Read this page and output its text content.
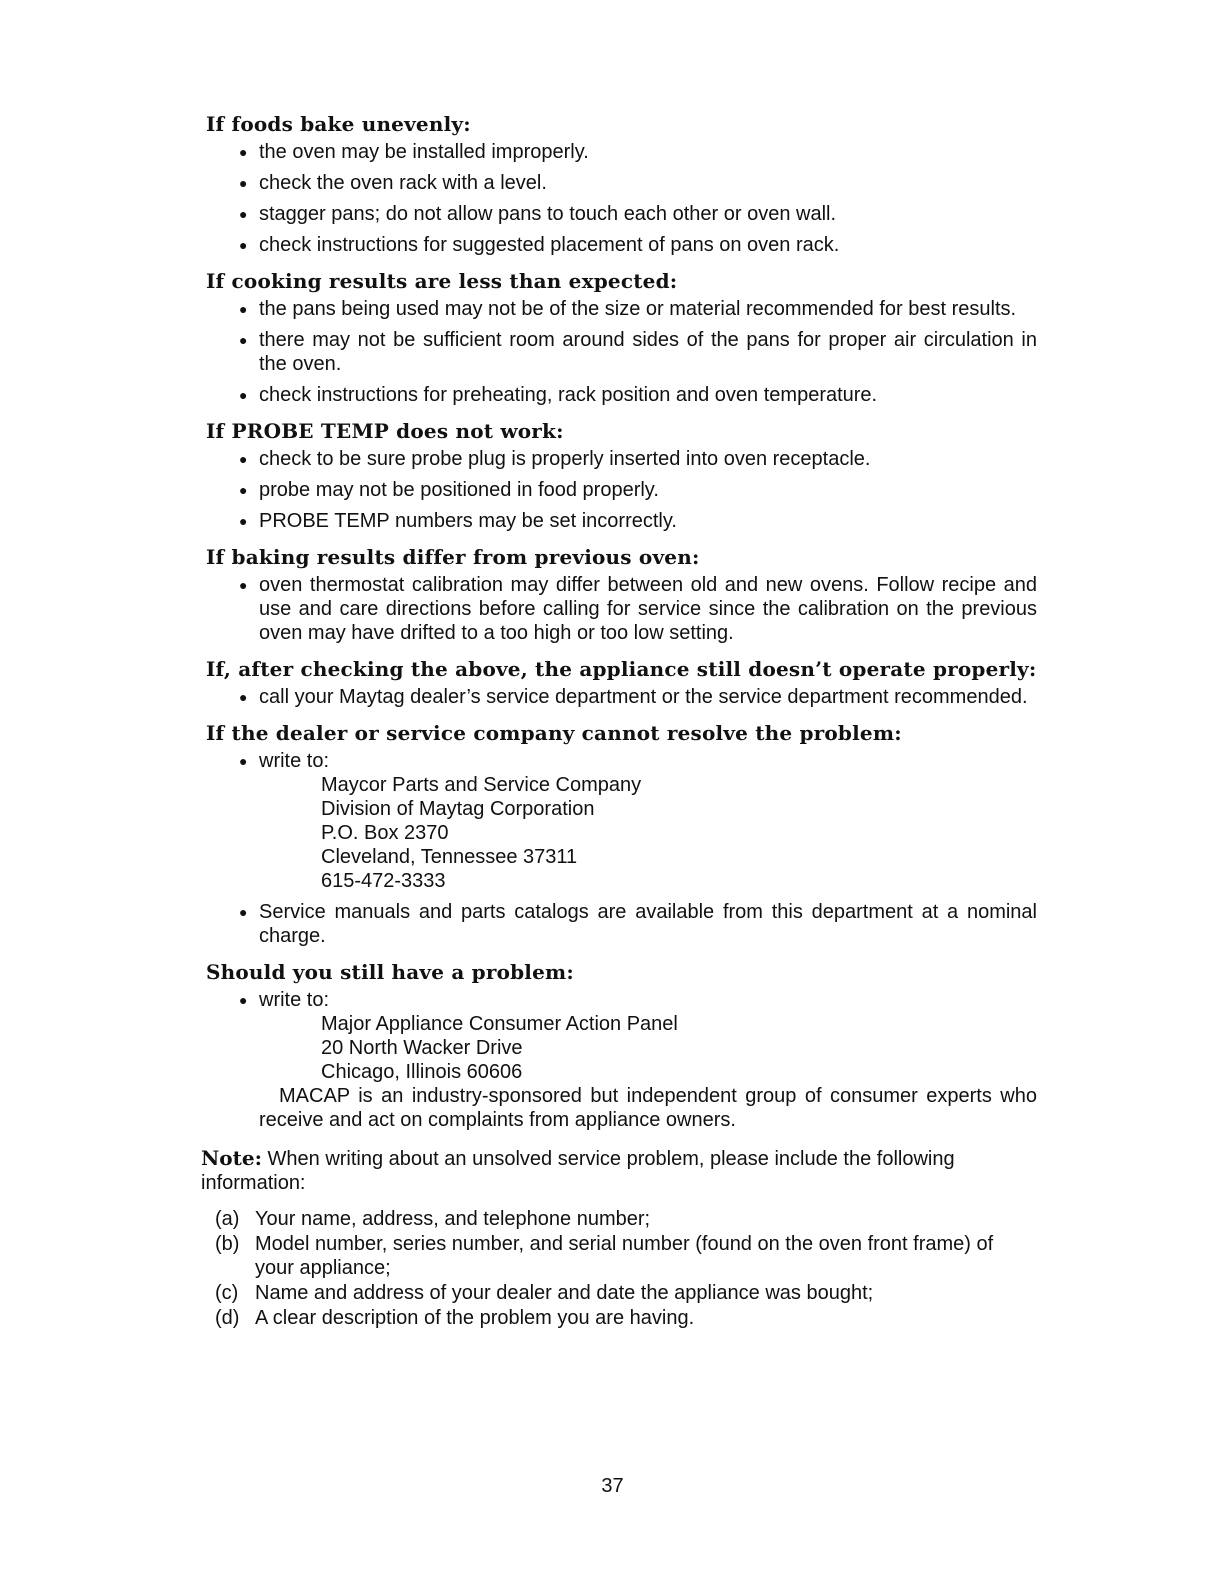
If foods bake unevenly:
● the oven may be installed improperly.
● check the oven rack with a level.
● stagger pans; do not allow pans to touch each other or oven wall.
● check instructions for suggested placement of pans on oven rack.
If cooking results are less than expected:
● the pans being used may not be of the size or material recommended for best results.
● there may not be sufficient room around sides of the pans for proper air circulation in the oven.
● check instructions for preheating, rack position and oven temperature.
If PROBE TEMP does not work:
● check to be sure probe plug is properly inserted into oven receptacle.
● probe may not be positioned in food properly.
● PROBE TEMP numbers may be set incorrectly.
If baking results differ from previous oven:
● oven thermostat calibration may differ between old and new ovens. Follow recipe and use and care directions before calling for service since the calibration on the previous oven may have drifted to a too high or too low setting.
If, after checking the above, the appliance still doesn’t operate properly:
● call your Maytag dealer’s service department or the service department recommended.
If the dealer or service company cannot resolve the problem:
● write to:
Maycor Parts and Service Company
Division of Maytag Corporation
P.O. Box 2370
Cleveland, Tennessee 37311
615-472-3333
● Service manuals and parts catalogs are available from this department at a nominal charge.
Should you still have a problem:
● write to:
Major Appliance Consumer Action Panel
20 North Wacker Drive
Chicago, Illinois 60606

MACAP is an industry-sponsored but independent group of consumer experts who receive and act on complaints from appliance owners.

Note: When writing about an unsolved service problem, please include the following information:
(a) Your name, address, and telephone number;
(b) Model number, series number, and serial number (found on the oven front frame) of your appliance;
(c) Name and address of your dealer and date the appliance was bought;
(d) A clear description of the problem you are having.
37
